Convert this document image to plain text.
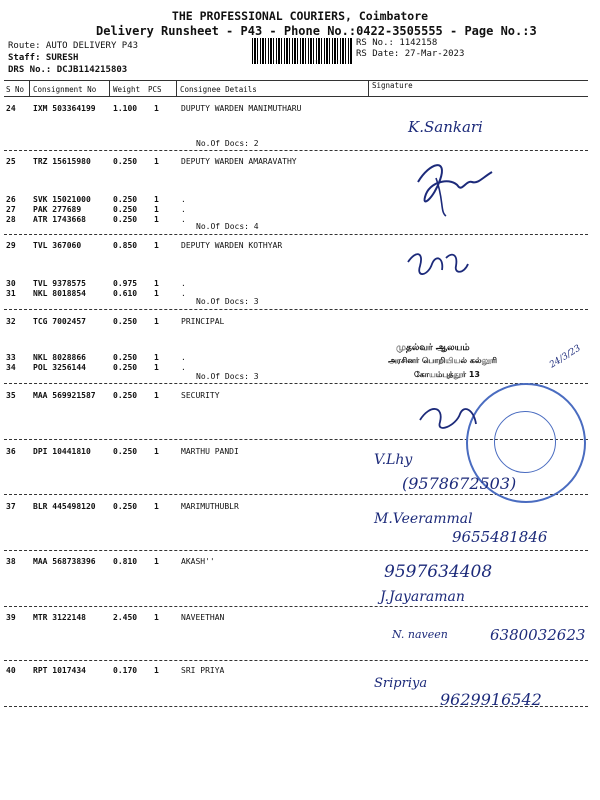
THE PROFESSIONAL COURIERS, Coimbatore
Delivery Runsheet - P43 - Phone No.:0422-3505555 - Page No.:3
Route: AUTO DELIVERY P43
Staff: SURESH
DRS No.: DCJB114215803
RS No.: 1142158
RS Date: 27-Mar-2023
S No Consignment No Weight PCS Consignee Details	Signature
24 IXM 503364199 1.100 1	DUPUTY WARDEN MANIMUTHARU
No.Of Docs: 2
25 TRZ 15615980	0.250 1	DEPUTY WARDEN AMARAVATHY
26 SVK 15021000	0.250 1	.
27 PAK 277689	0.250 1	.
28 ATR 1743668	0.250 1	.
No.Of Docs: 4
29 TVL 367060	0.850 1	DEPUTY WARDEN KOTHYAR
30 TVL 9378575	0.975 1	.
31 NKL 8018854	0.610 1	.
No.Of Docs: 3
32 TCG 7002457	0.250 1	PRINCIPAL
33 NKL 8028866	0.250 1	.
34 POL 3256144	0.250 1	.
No.Of Docs: 3
35 MAA 569921587 0.250 1	SECURITY
36 DPI 10441810	0.250 1	MARTHU PANDI
37 BLR 445498120 0.250 1	MARIMUTHUBLR
38 MAA 568738396 0.810 1	AKASH''
39 MTR 3122148	2.450 1	NAVEETHAN
40 RPT 1017434	0.170 1	SRI PRIYA
K.Sankari
முதல்வர் ஆலயம்
அரசினர் பொறியியல் கல்லூரி
கோயம்புத்தூர் 13
24/3/23
V.Lhy
(9578672503)
M.Veerammal
9655481846
9597634408
J.Jayaraman
N. naveen	6380032623
Sripriya
9629916542
